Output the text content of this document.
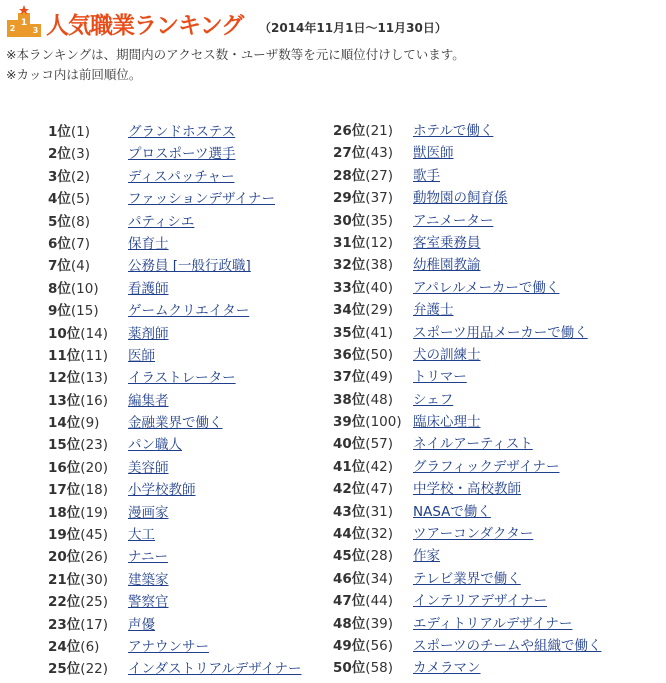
1
2 3 人気職業ランキング （2014年11月1日～11月30日）
※本ランキングは、期間内のアクセス数・ユーザ数等を元に順位付けしています。
※カッコ内は前回順位。
1位(1)	グランドホステス
2位(3)	プロスポーツ選手
3位(2)	ディスパッチャー
4位(5)	ファッションデザイナー
5位(8)	パティシエ
6位(7)	保育士
7位(4)	公務員 [一般行政職]
8位(10) 看護師
9位(15) ゲームクリエイター
10位(14) 薬剤師
11位(11) 医師
12位(13) イラストレーター
13位(16) 編集者
14位(9) 金融業界で働く
15位(23) パン職人
16位(20) 美容師
17位(18) 小学校教師
18位(19) 漫画家
19位(45) 大工
20位(26) ナニー
21位(30) 建築家
22位(25) 警察官
23位(17) 声優
24位(6) アナウンサー
25位(22) インダストリアルデザイナー
26位(21) ホテルで働く
27位(43) 獣医師
28位(27) 歌手
29位(37) 動物園の飼育係
30位(35) アニメーター
31位(12) 客室乗務員
32位(38) 幼稚園教諭
33位(40) アパレルメーカーで働く
34位(29) 弁護士
35位(41) スポーツ用品メーカーで働く
36位(50) 犬の訓練士
37位(49) トリマー
38位(48) シェフ
39位(100) 臨床心理士
40位(57) ネイルアーティスト
41位(42) グラフィックデザイナー
42位(47) 中学校・高校教師
43位(31) NASAで働く
44位(32) ツアーコンダクター
45位(28) 作家
46位(34) テレビ業界で働く
47位(44) インテリアデザイナー
48位(39) エディトリアルデザイナー
49位(56) スポーツのチームや組織で働く
50位(58) カメラマン
